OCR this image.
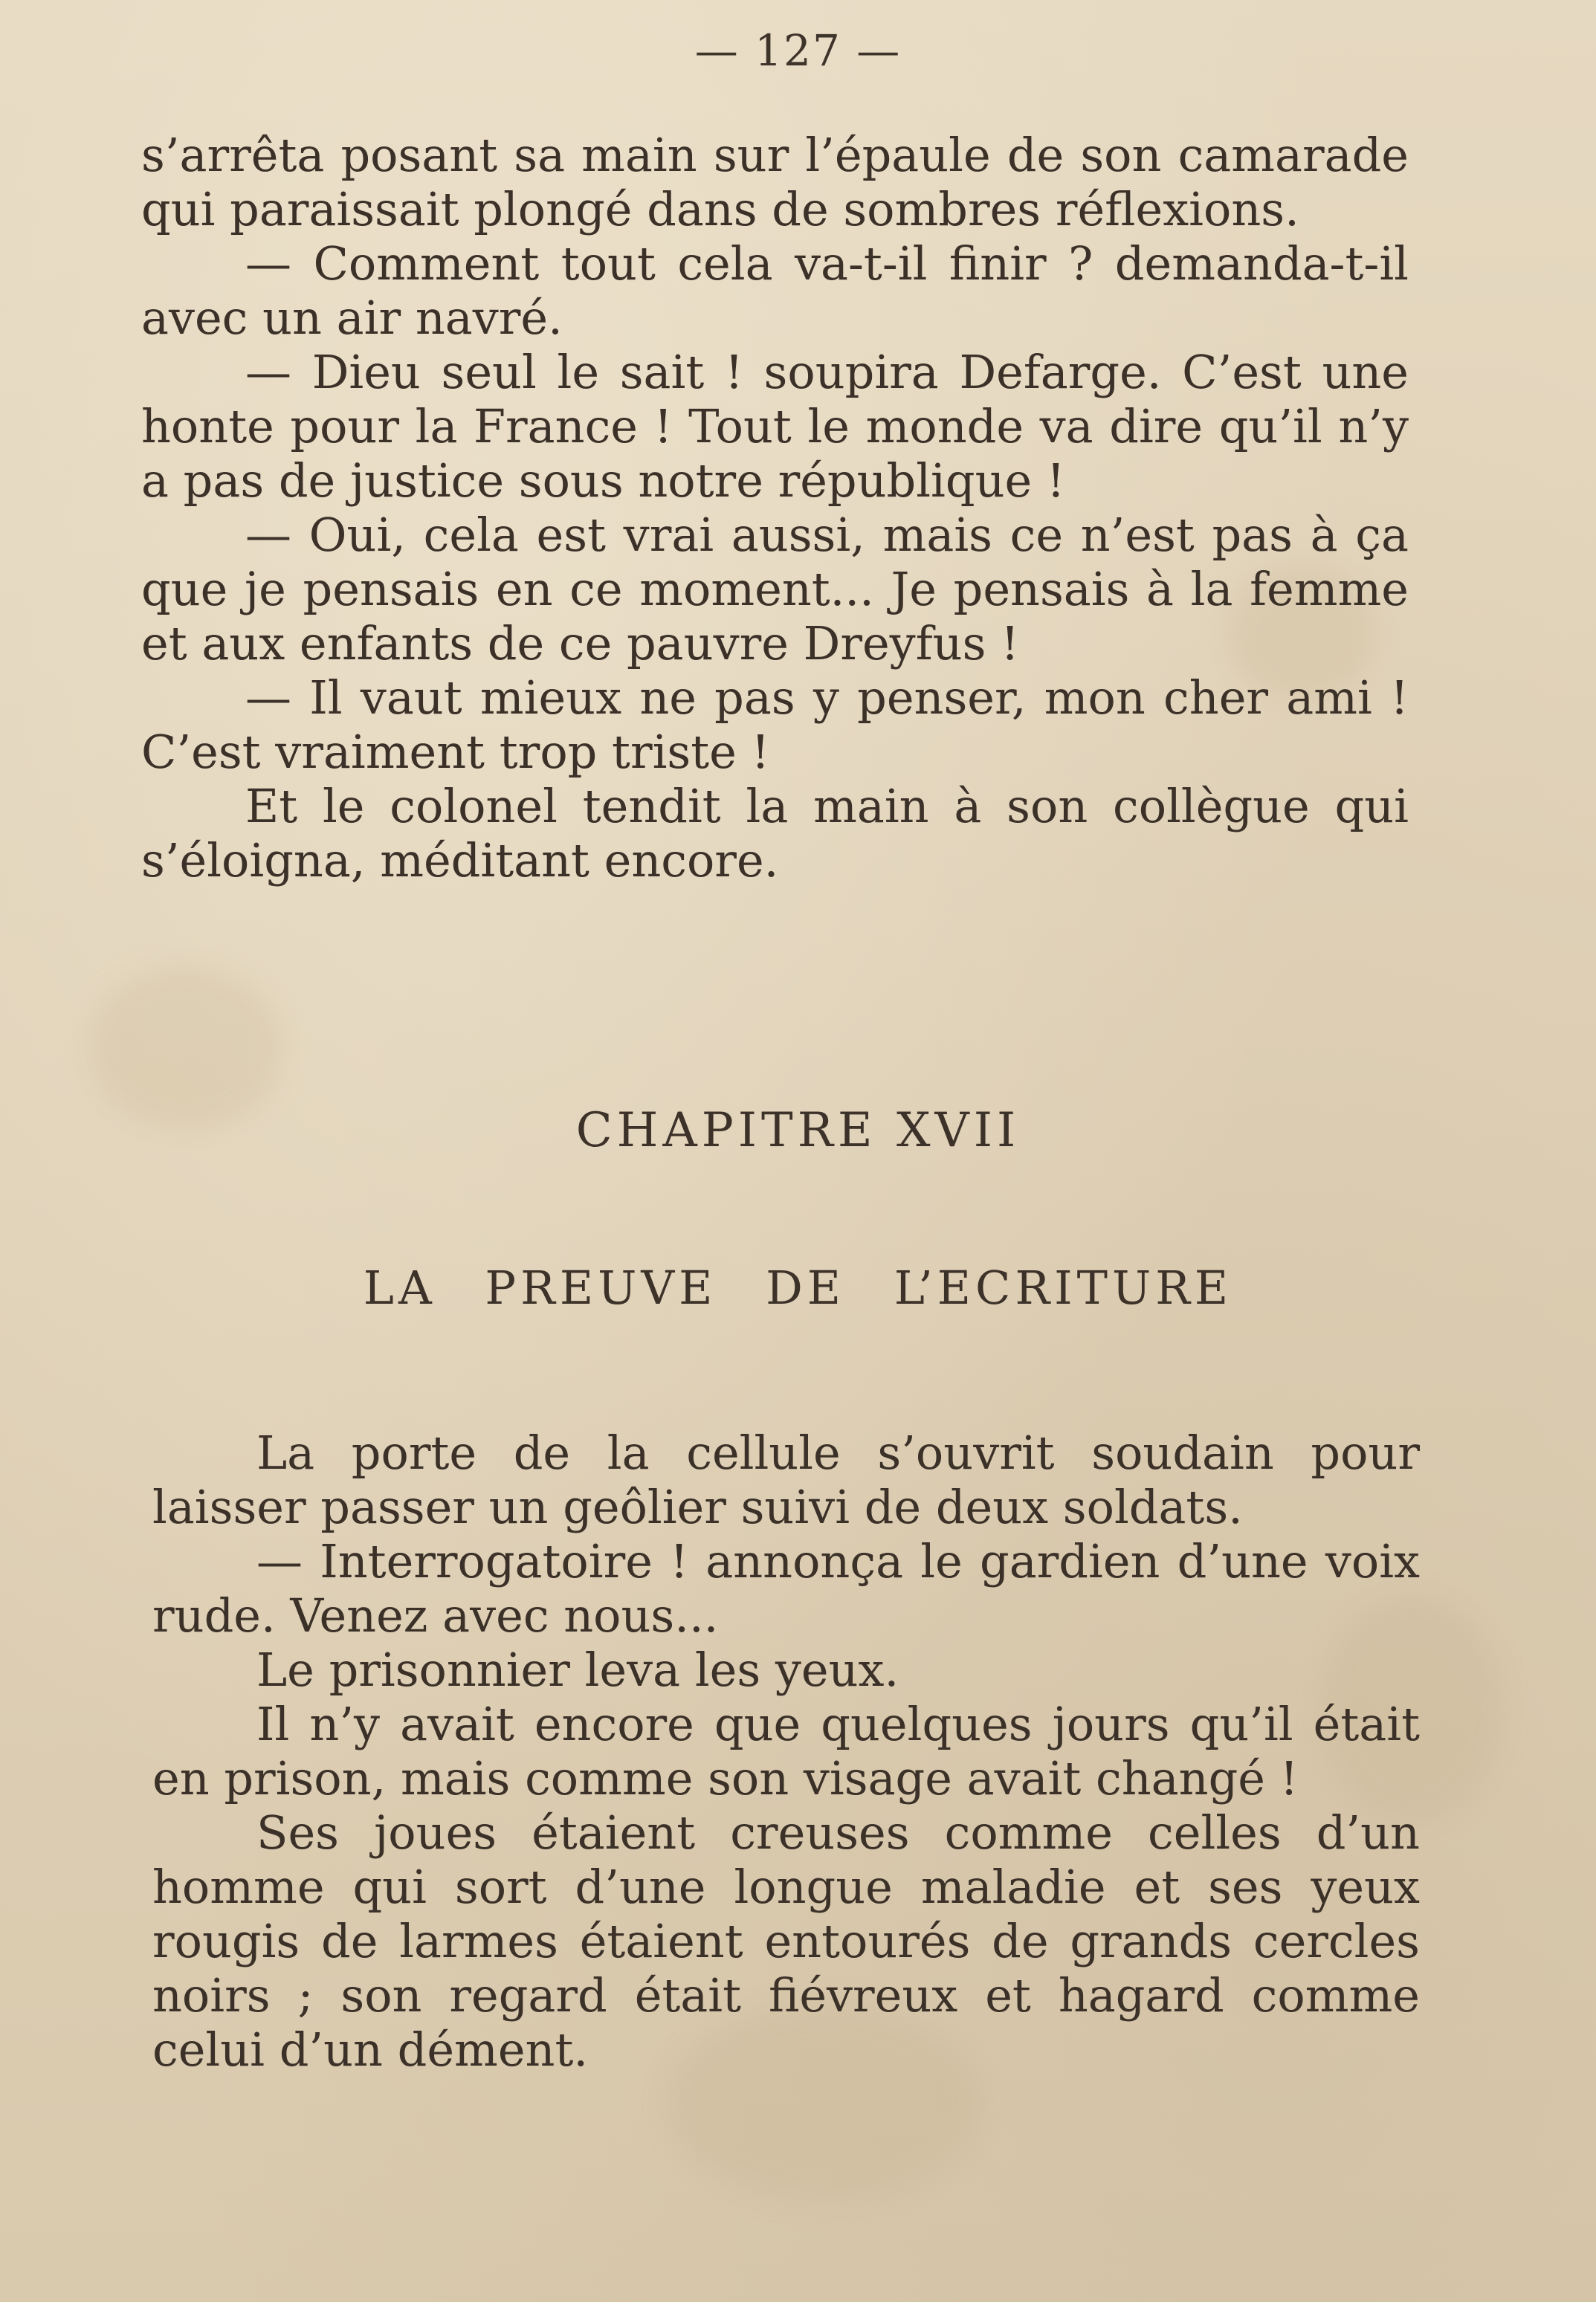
— 127 —

s’arrêta posant sa main sur l’épaule de son camarade qui paraissait plongé dans de sombres réflexions.

— Comment tout cela va-t-il finir ? demanda-t-il avec un air navré.

— Dieu seul le sait ! soupira Defarge. C’est une honte pour la France ! Tout le monde va dire qu’il n’y a pas de justice sous notre république !

— Oui, cela est vrai aussi, mais ce n’est pas à ça que je pensais en ce moment... Je pensais à la femme et aux enfants de ce pauvre Dreyfus !

— Il vaut mieux ne pas y penser, mon cher ami ! C’est vraiment trop triste !

Et le colonel tendit la main à son collègue qui s’éloigna, méditant encore.

CHAPITRE XVII
LA PREUVE DE L’ECRITURE

La porte de la cellule s’ouvrit soudain pour laisser passer un geôlier suivi de deux soldats.

— Interrogatoire ! annonça le gardien d’une voix rude. Venez avec nous...

Le prisonnier leva les yeux.

Il n’y avait encore que quelques jours qu’il était en prison, mais comme son visage avait changé !

Ses joues étaient creuses comme celles d’un homme qui sort d’une longue maladie et ses yeux rougis de larmes étaient entourés de grands cercles noirs ; son regard était fiévreux et hagard comme celui d’un dément.
